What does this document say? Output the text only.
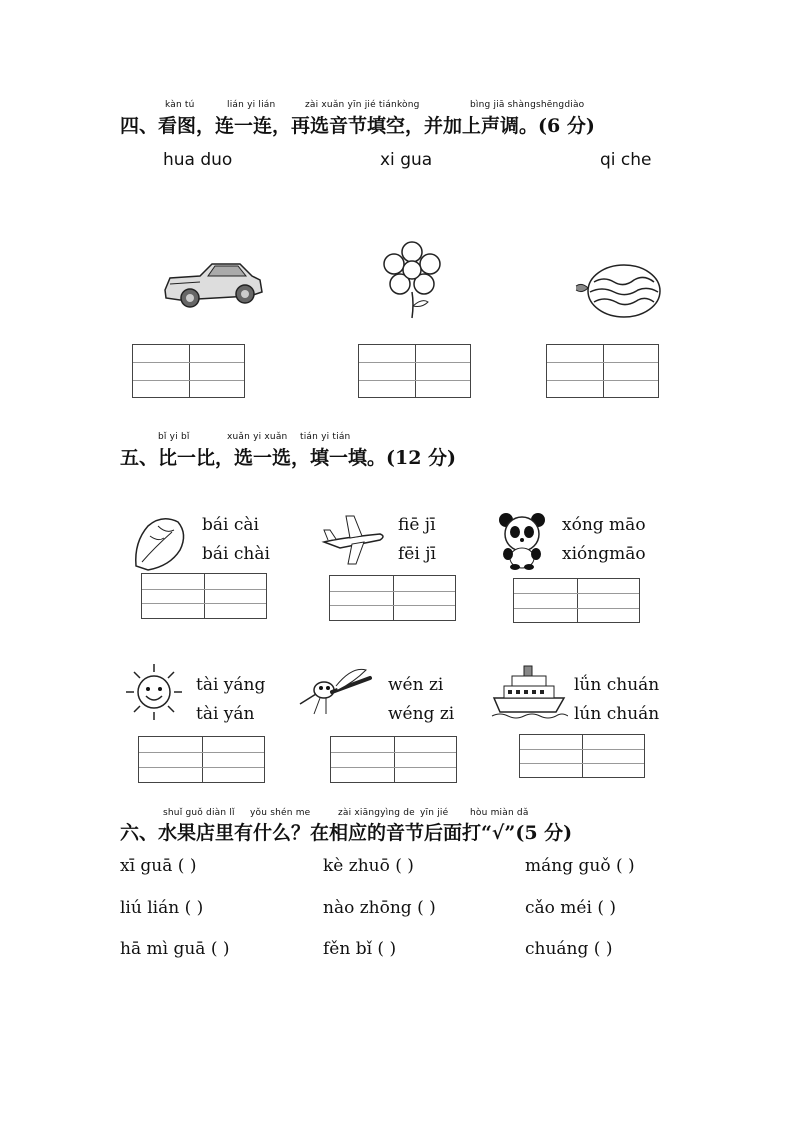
kàn tú	lián yi lián	zài xuǎn yīn jié tiánkòng	bìng jiā shàngshēngdiào
四、看图，连一连，再选音节填空，并加上声调。(6 分)
hua duo	xi gua	qi che
bǐ yi bǐ	xuǎn yi xuǎn tián yi tián
五、比一比，选一选，填一填。(12 分)
bái cài
bái chài
fiē jī
fēi jī
xóng māo
xióngmāo
tài yáng
tài yán
wén zi
wéng zi
lǘn chuán
lún chuán
shuǐ guǒ diàn lǐ yǒu shén me	zài xiāngyìng de yīn jié hòu miàn dǎ
六、水果店里有什么？在相应的音节后面打“√”(5 分)
xī guā ( )	kè zhuō ( )	máng guǒ ( )
liú lián ( )	nào zhōng ( )	cǎo méi ( )
hā mì guā ( )	fěn bǐ ( )	chuáng ( )
